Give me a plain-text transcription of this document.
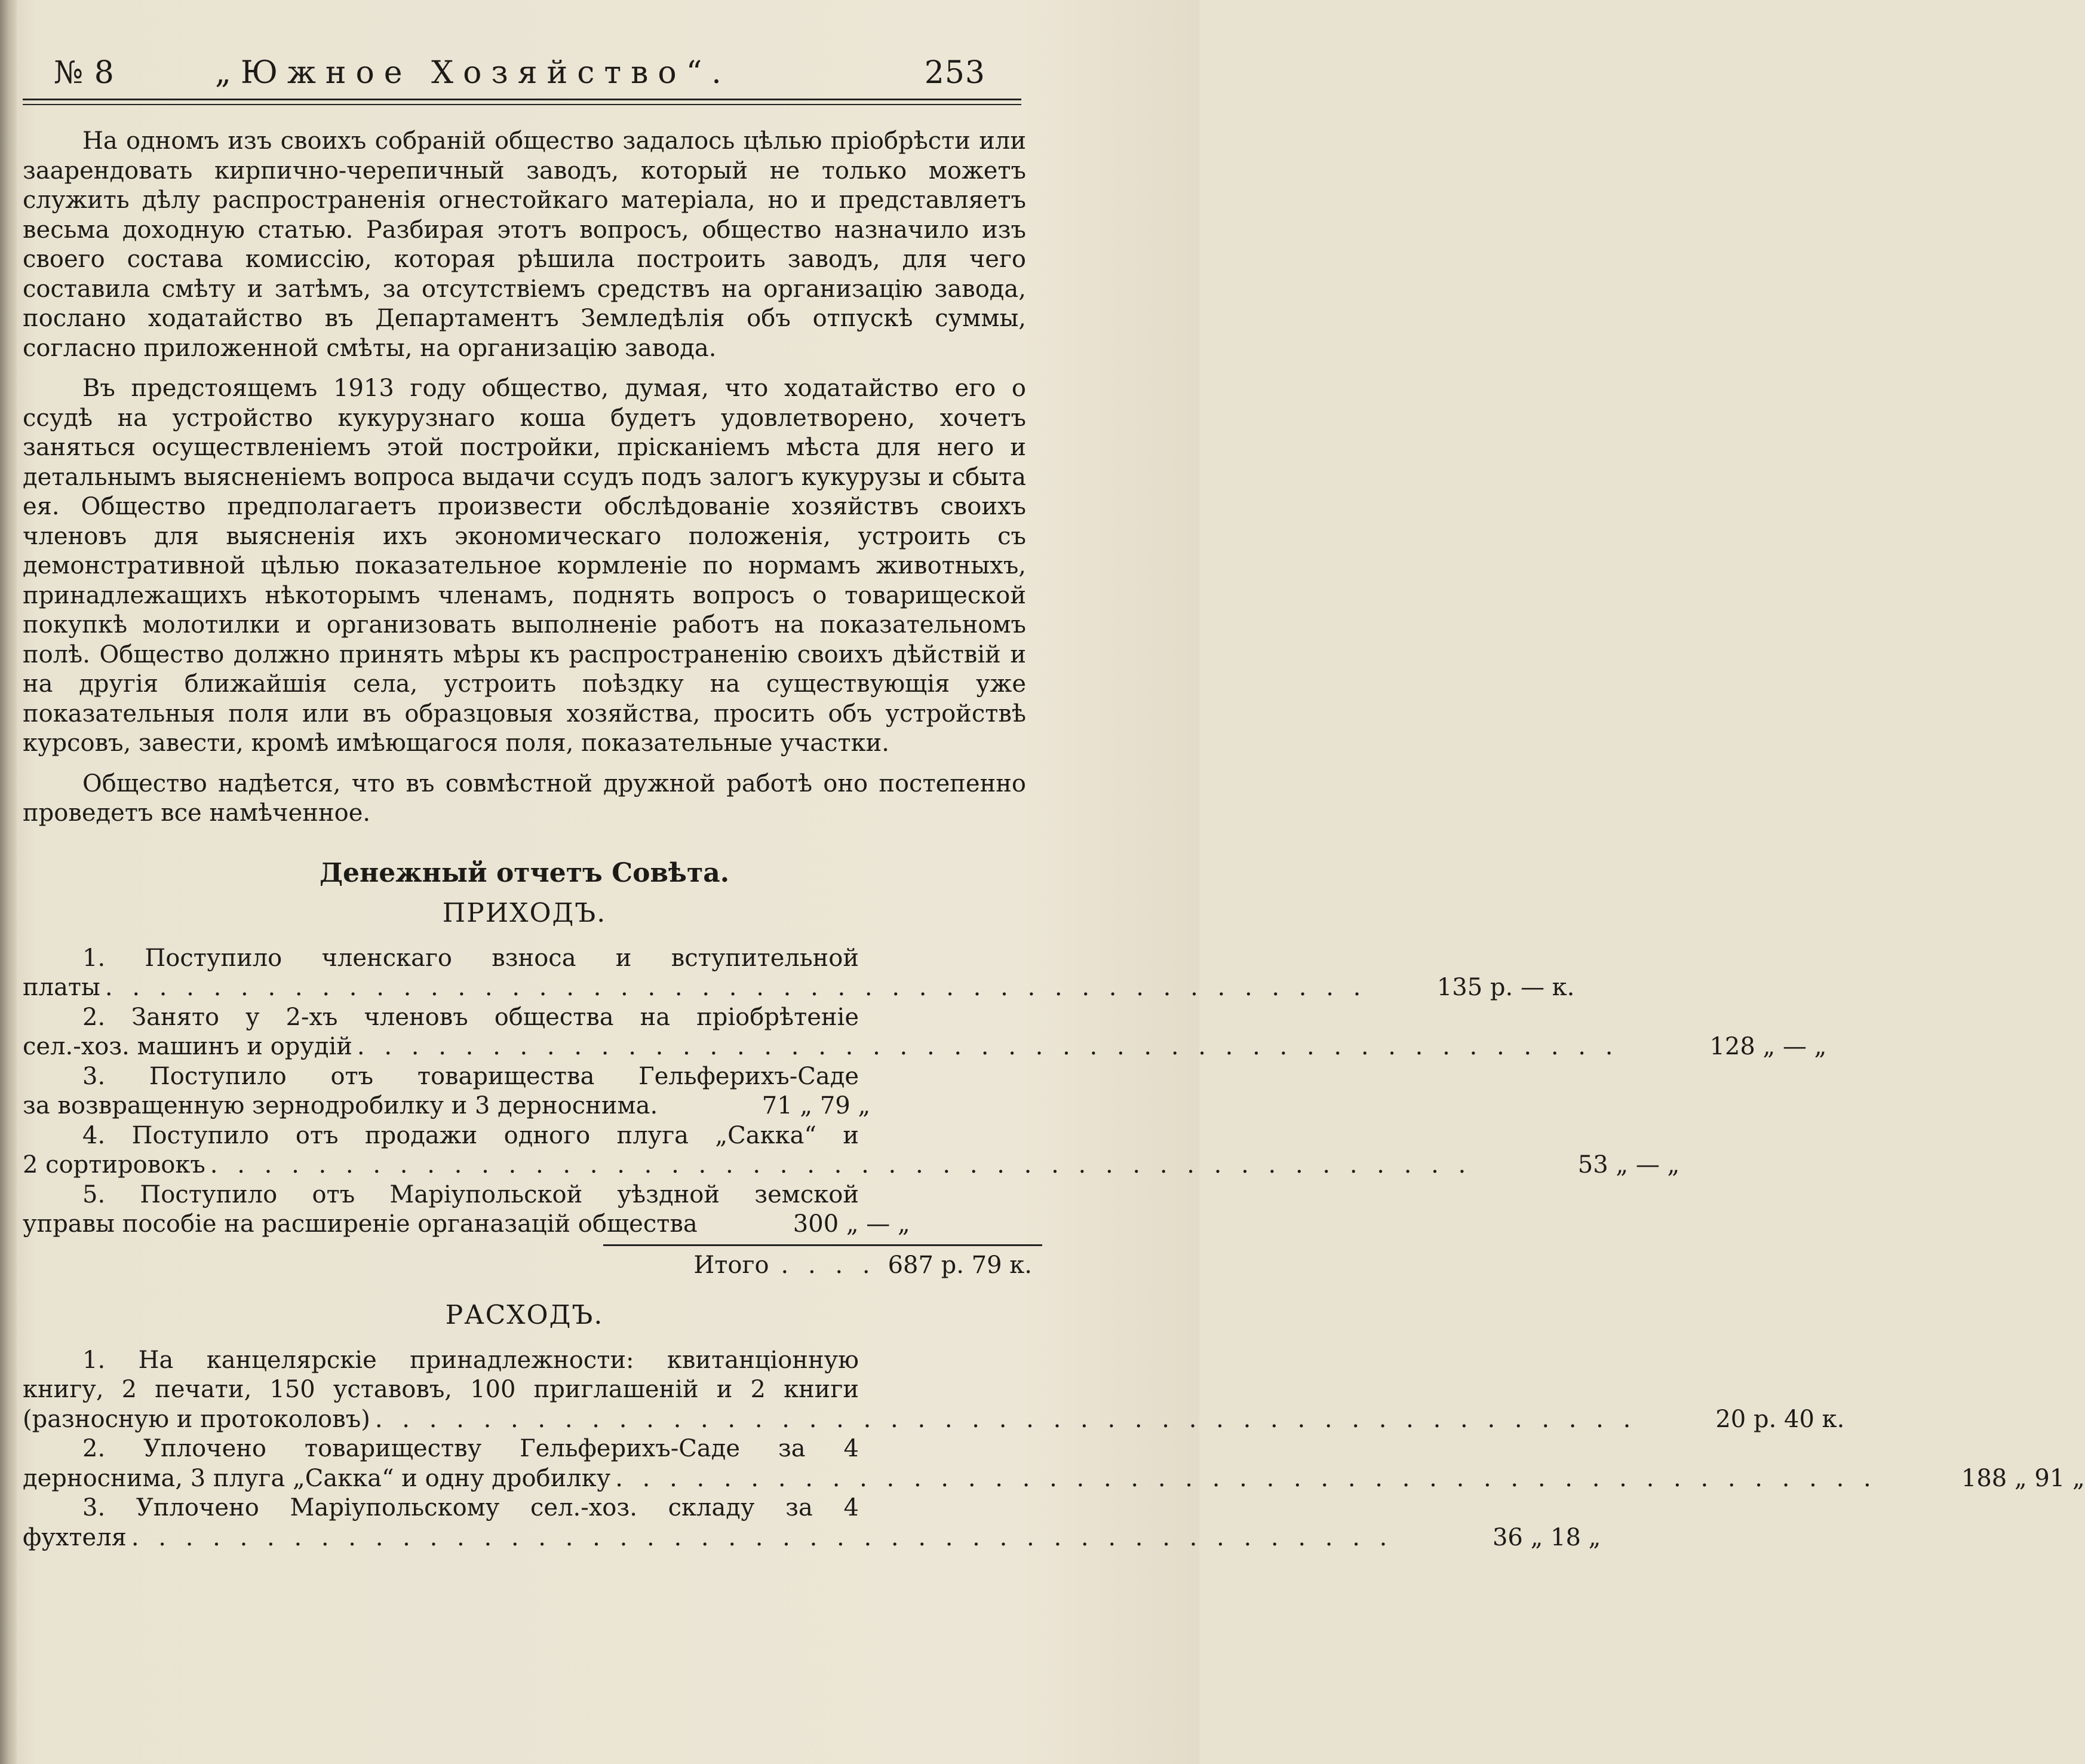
№ 8	„Южное Хозяйство“.	253

На одномъ изъ своихъ собраній общество задалось цѣлью пріобрѣсти или заарендовать кирпично-черепичный заводъ, который не только можетъ служить дѣлу распространенія огнестойкаго матеріала, но и представляетъ весьма доходную статью. Разбирая этотъ вопросъ, общество назначило изъ своего состава комиссію, которая рѣшила построить заводъ, для чего составила смѣту и затѣмъ, за отсутствіемъ средствъ на организацію завода, послано ходатайство въ Департаментъ Земледѣлія объ отпускѣ суммы, согласно приложенной смѣты, на организацію завода.

Въ предстоящемъ 1913 году общество, думая, что ходатайство его о ссудѣ на устройство кукурузнаго коша будетъ удовлетворено, хочетъ заняться осуществленіемъ этой постройки, прісканіемъ мѣста для него и детальнымъ выясненіемъ вопроса выдачи ссудъ подъ залогъ кукурузы и сбыта ея. Общество предполагаетъ произвести обслѣдованіе хозяйствъ своихъ членовъ для выясненія ихъ экономическаго положенія, устроить съ демонстративной цѣлью показательное кормленіе по нормамъ животныхъ, принадлежащихъ нѣкоторымъ членамъ, поднять вопросъ о товарищеской покупкѣ молотилки и организовать выполненіе работъ на показательномъ полѣ. Общество должно принять мѣры къ распространенію своихъ дѣйствій и на другія ближайшія села, устроить поѣздку на существующія уже показательныя поля или въ образцовыя хозяйства, просить объ устройствѣ курсовъ, завести, кромѣ имѣющагося поля, показательные участки.

Общество надѣется, что въ совмѣстной дружной работѣ оно постепенно проведетъ все намѣченное.

Денежный отчетъ Совѣта.
ПРИХОДЪ.
1. Поступило членскаго взноса и вступительной
платы . . . . . . . . . . . . . . . . . . . . . . . . . . . . . . . . . . . . . . . . . . . . . . .	135 р. — к.
2. Занято у 2-хъ членовъ общества на пріобрѣтеніе
сел.-хоз. машинъ и орудій . . . . . . . . . . . . . . . . . . . . . . . . . . . . . . . . . . . . . . . . . . . . . . .	128 „ — „
3. Поступило отъ товарищества Гельферихъ-Саде
за возвращенную зернодробилку и 3 дерноснима.	71 „ 79 „
4. Поступило отъ продажи одного плуга „Сакка“ и
2 сортировокъ . . . . . . . . . . . . . . . . . . . . . . . . . . . . . . . . . . . . . . . . . . . . . . .	53 „ — „
5. Поступило отъ Маріупольской уѣздной земской
управы пособіе на расширеніе органазацій общества	300 „ — „
Итого . . . . 687 р. 79 к.
РАСХОДЪ.
1. На канцелярскіе принадлежности: квитанціонную
книгу, 2 печати, 150 уставовъ, 100 приглашеній и 2 книги
(разносную и протоколовъ) . . . . . . . . . . . . . . . . . . . . . . . . . . . . . . . . . . . . . . . . . . . . . . .	20 р. 40 к.
2. Уплочено товариществу Гельферихъ-Саде за 4
дерноснима, 3 плуга „Сакка“ и одну дробилку . . . . . . . . . . . . . . . . . . . . . . . . . . . . . . . . . . . . . . . . . . . . . . .	188 „ 91 „
3. Уплочено Маріупольскому сел.-хоз. складу за 4
фухтеля . . . . . . . . . . . . . . . . . . . . . . . . . . . . . . . . . . . . . . . . . . . . . . .	36 „ 18 „
